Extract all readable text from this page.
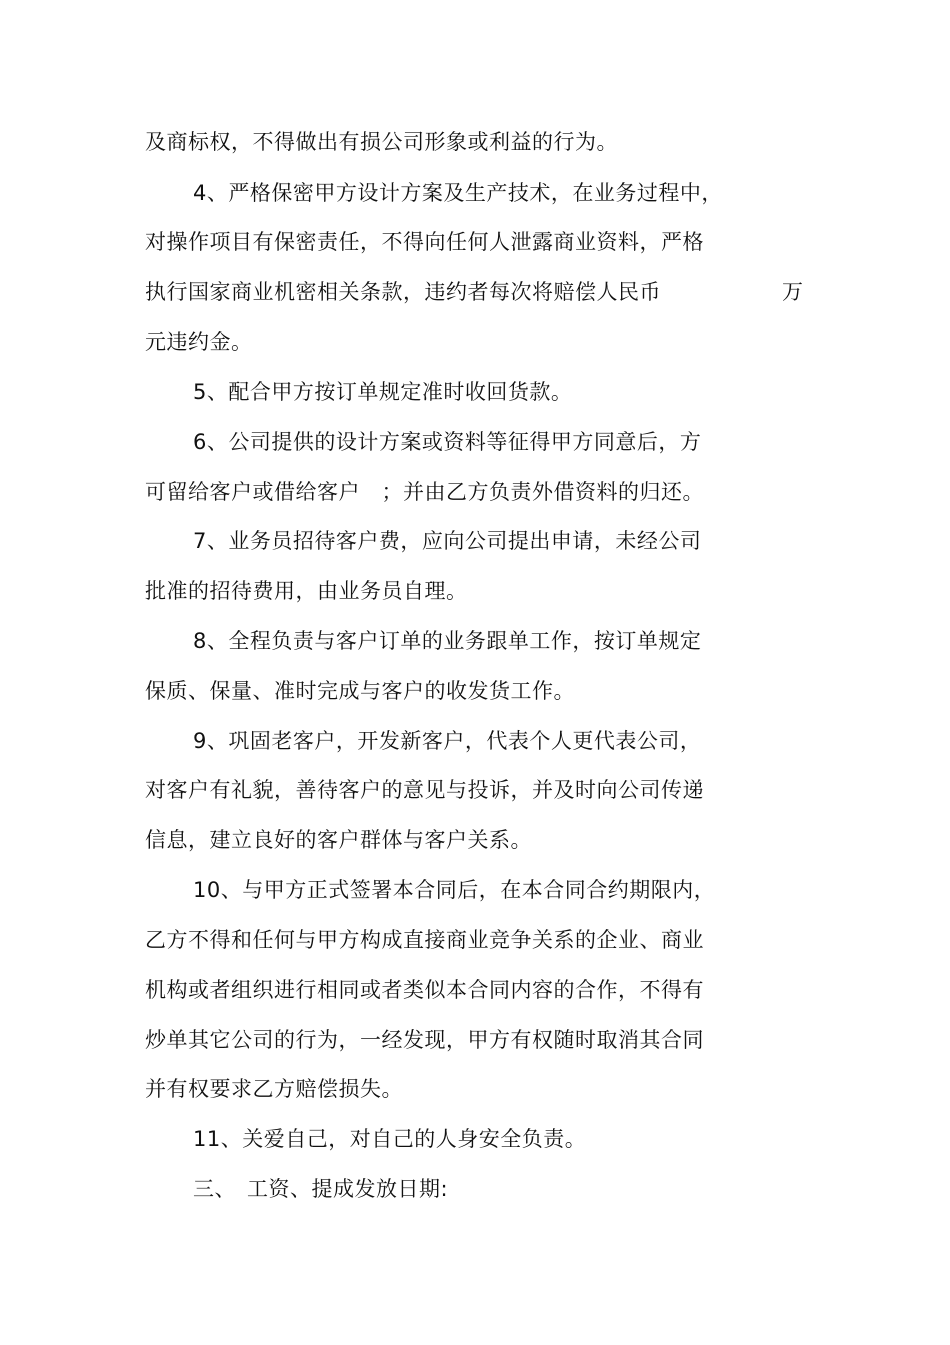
及商标权，不得做出有损公司形象或利益的行为。
4、严格保密甲方设计方案及生产技术，在业务过程中，
对操作项目有保密责任，不得向任何人泄露商业资料，严格
执行国家商业机密相关条款，违约者每次将赔偿人民币	万
元违约金。
5、配合甲方按订单规定准时收回货款。
6、公司提供的设计方案或资料等征得甲方同意后，方
可留给客户或借给客户　；并由乙方负责外借资料的归还。
7、业务员招待客户费，应向公司提出申请，未经公司
批准的招待费用，由业务员自理。
8、全程负责与客户订单的业务跟单工作，按订单规定
保质、保量、准时完成与客户的收发货工作。
9、巩固老客户，开发新客户，代表个人更代表公司，
对客户有礼貌，善待客户的意见与投诉，并及时向公司传递
信息，建立良好的客户群体与客户关系。
10、与甲方正式签署本合同后，在本合同合约期限内，
乙方不得和任何与甲方构成直接商业竞争关系的企业、商业
机构或者组织进行相同或者类似本合同内容的合作，不得有
炒单其它公司的行为，一经发现，甲方有权随时取消其合同
并有权要求乙方赔偿损失。
11、关爱自己，对自己的人身安全负责。
三、　工资、提成发放日期:
